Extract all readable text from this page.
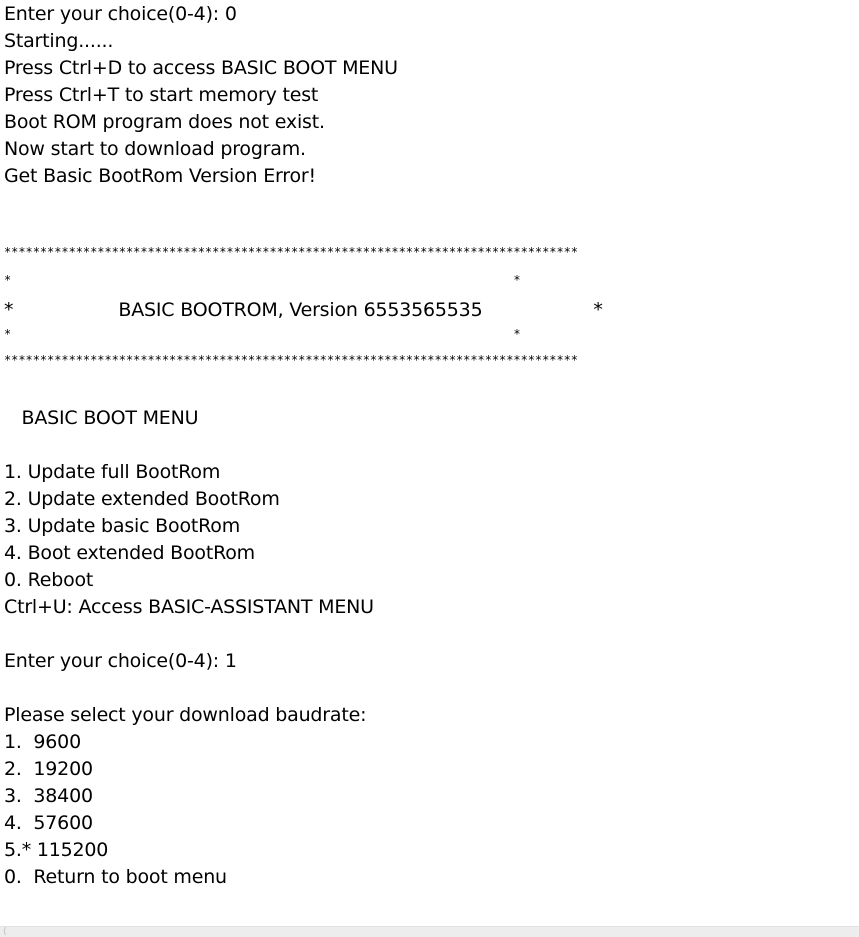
Enter your choice(0-4): 0
Starting......
Press Ctrl+D to access BASIC BOOT MENU
Press Ctrl+T to start memory test
Boot ROM program does not exist.
Now start to download program.
Get Basic BootRom Version Error!
********************************************************************************
*                                                                      *
*                  BASIC BOOTROM, Version 6553565535                   *
*                                                                      *
********************************************************************************
BASIC BOOT MENU
1. Update full BootRom
2. Update extended BootRom
3. Update basic BootRom
4. Boot extended BootRom
0. Reboot
Ctrl+U: Access BASIC-ASSISTANT MENU
Enter your choice(0-4): 1
Please select your download baudrate:
1.  9600
2.  19200
3.  38400
4.  57600
5.* 115200
0.  Return to boot menu
⟨
